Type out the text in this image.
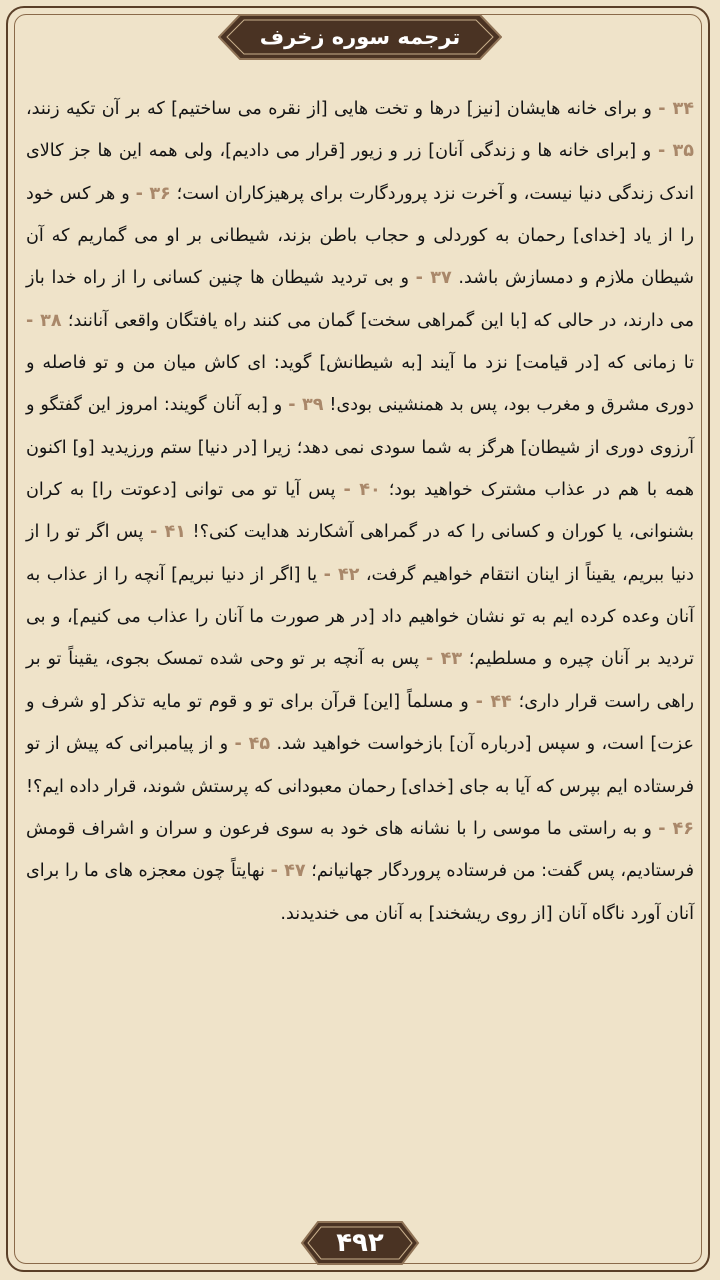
ترجمه سوره زخرف
۳۴ - و برای خانه هایشان [نیز] درها و تخت هایی [از نقره می ساختیم] که بر آن تکیه زنند، ۳۵ - و [برای خانه ها و زندگی آنان] زر و زیور [قرار می دادیم]، ولی همه این ها جز کالای اندک زندگی دنیا نیست، و آخرت نزد پروردگارت برای پرهیزکاران است؛ ۳۶ - و هر کس خود را از یاد [خدای] رحمان به کوردلی و حجاب باطن بزند، شیطانی بر او می گماریم که آن شیطان ملازم و دمسازش باشد. ۳۷ - و بی تردید شیطان ها چنین کسانی را از راه خدا باز می دارند، در حالی که [با این گمراهی سخت] گمان می کنند راه یافتگان واقعی آنانند؛ ۳۸ - تا زمانی که [در قیامت] نزد ما آیند [به شیطانش] گوید: ای کاش میان من و تو فاصله و دوری مشرق و مغرب بود، پس بد همنشینی بودی! ۳۹ - و [به آنان گویند: امروز این گفتگو و آرزوی دوری از شیطان] هرگز به شما سودی نمی دهد؛ زیرا [در دنیا] ستم ورزیدید [و] اکنون همه با هم در عذاب مشترک خواهید بود؛ ۴۰ - پس آیا تو می توانی [دعوتت را] به کران بشنوانی، یا کوران و کسانی را که در گمراهی آشکارند هدایت کنی؟! ۴۱ - پس اگر تو را از دنیا ببریم، یقیناً از اینان انتقام خواهیم گرفت، ۴۲ - یا [اگر از دنیا نبریم] آنچه را از عذاب به آنان وعده کرده ایم به تو نشان خواهیم داد [در هر صورت ما آنان را عذاب می کنیم]، و بی تردید بر آنان چیره و مسلطیم؛ ۴۳ - پس به آنچه بر تو وحی شده تمسک بجوی، یقیناً تو بر راهی راست قرار داری؛ ۴۴ - و مسلماً [این] قرآن برای تو و قوم تو مایه تذکر [و شرف و عزت] است، و سپس [درباره آن] بازخواست خواهید شد. ۴۵ - و از پیامبرانی که پیش از تو فرستاده ایم بپرس که آیا به جای [خدای] رحمان معبودانی که پرستش شوند، قرار داده ایم؟! ۴۶ - و به راستی ما موسی را با نشانه های خود به سوی فرعون و سران و اشراف قومش فرستادیم، پس گفت: من فرستاده پروردگار جهانیانم؛ ۴۷ - نهایتاً چون معجزه های ما را برای آنان آورد ناگاه آنان [از روی ریشخند] به آنان می خندیدند.
۴۹۲
